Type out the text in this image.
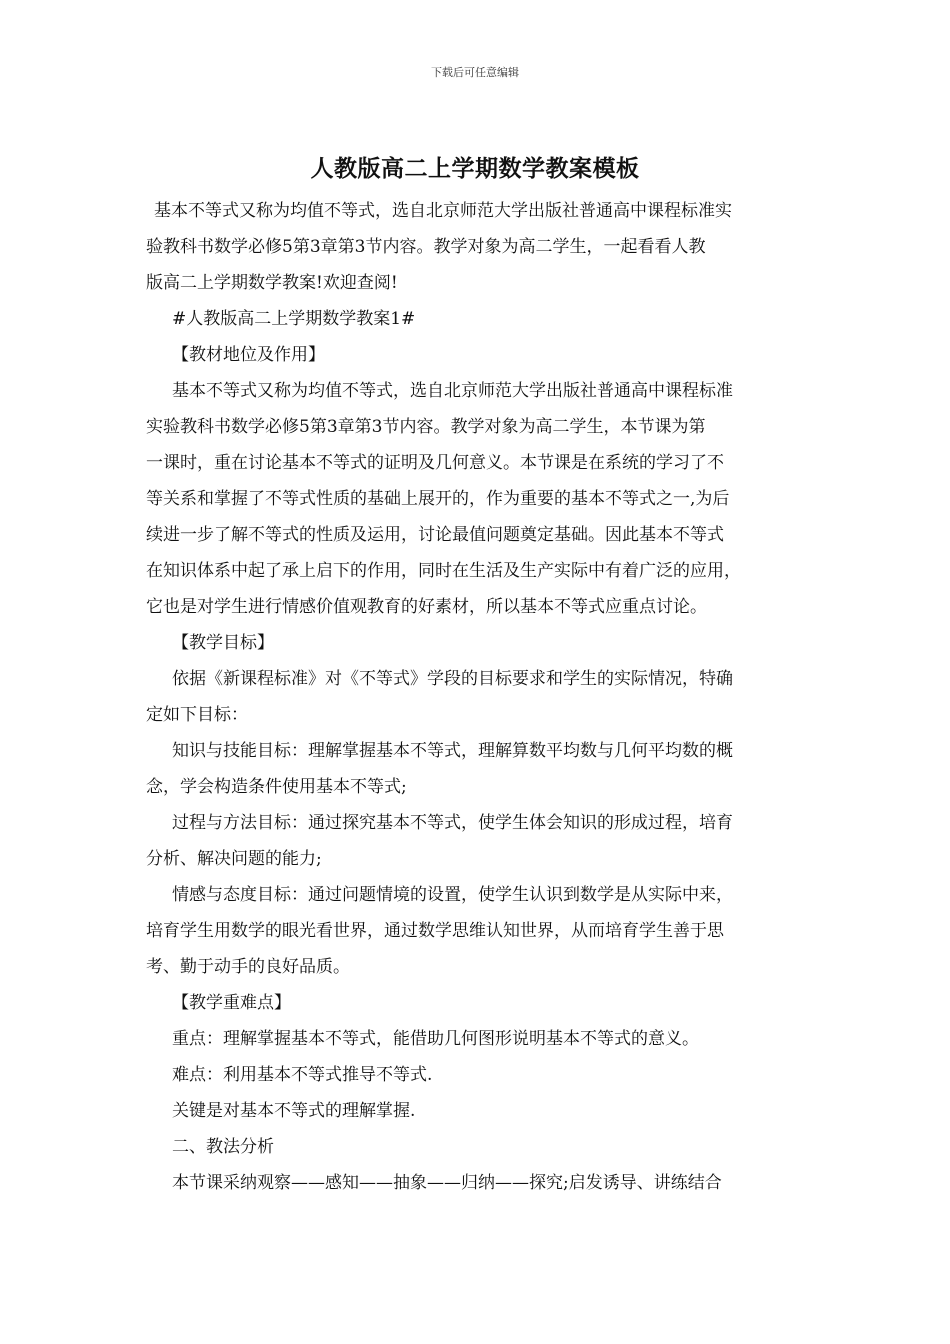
下载后可任意编辑
人教版高二上学期数学教案模板

基本不等式又称为均值不等式，选自北京师范大学出版社普通高中课程标准实

验教科书数学必修5第3章第3节内容。教学对象为高二学生，一起看看人教

版高二上学期数学教案!欢迎查阅!

#人教版高二上学期数学教案1#

【教材地位及作用】

基本不等式又称为均值不等式，选自北京师范大学出版社普通高中课程标准

实验教科书数学必修5第3章第3节内容。教学对象为高二学生，本节课为第

一课时，重在讨论基本不等式的证明及几何意义。本节课是在系统的学习了不

等关系和掌握了不等式性质的基础上展开的，作为重要的基本不等式之一,为后

续进一步了解不等式的性质及运用，讨论最值问题奠定基础。因此基本不等式

在知识体系中起了承上启下的作用，同时在生活及生产实际中有着广泛的应用，

它也是对学生进行情感价值观教育的好素材，所以基本不等式应重点讨论。

【教学目标】

依据《新课程标准》对《不等式》学段的目标要求和学生的实际情况，特确

定如下目标：

知识与技能目标：理解掌握基本不等式，理解算数平均数与几何平均数的概

念，学会构造条件使用基本不等式;

过程与方法目标：通过探究基本不等式，使学生体会知识的形成过程，培育

分析、解决问题的能力;

情感与态度目标：通过问题情境的设置，使学生认识到数学是从实际中来，

培育学生用数学的眼光看世界，通过数学思维认知世界，从而培育学生善于思

考、勤于动手的良好品质。

【教学重难点】

重点：理解掌握基本不等式，能借助几何图形说明基本不等式的意义。

难点：利用基本不等式推导不等式.

关键是对基本不等式的理解掌握.

二、教法分析

本节课采纳观察——感知——抽象——归纳——探究;启发诱导、讲练结合
